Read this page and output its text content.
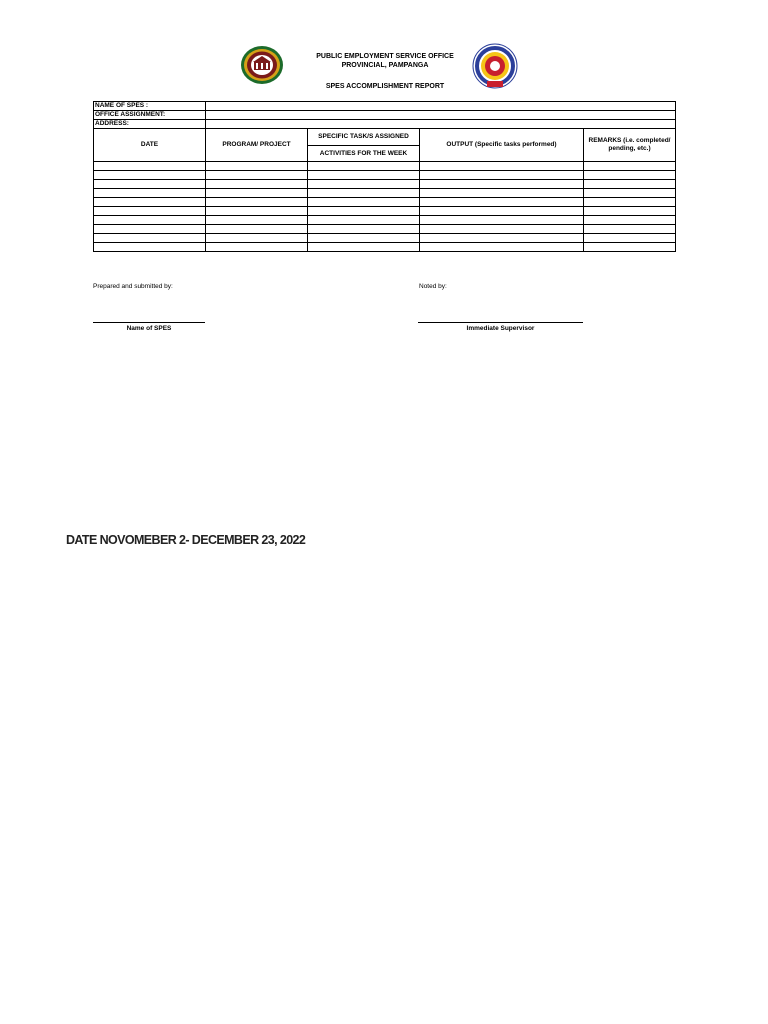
PUBLIC EMPLOYMENT SERVICE OFFICE
PROVINCIAL, PAMPANGA
SPES ACCOMPLISHMENT REPORT
NAME OF SPES :				
OFFICE ASSIGNMENT:				
ADDRESS:				
DATE	PROGRAM/ PROJECT	SPECIFIC TASK/S ASSIGNED	OUTPUT (Specific tasks performed)	REMARKS (i.e. completed/ pending, etc.)
		ACTIVITIES FOR THE WEEK		

Prepared and submitted by:	Noted by:
Name of SPES	Immediate Supervisor
DATE NOVOMEBER 2- DECEMBER 23, 2022
